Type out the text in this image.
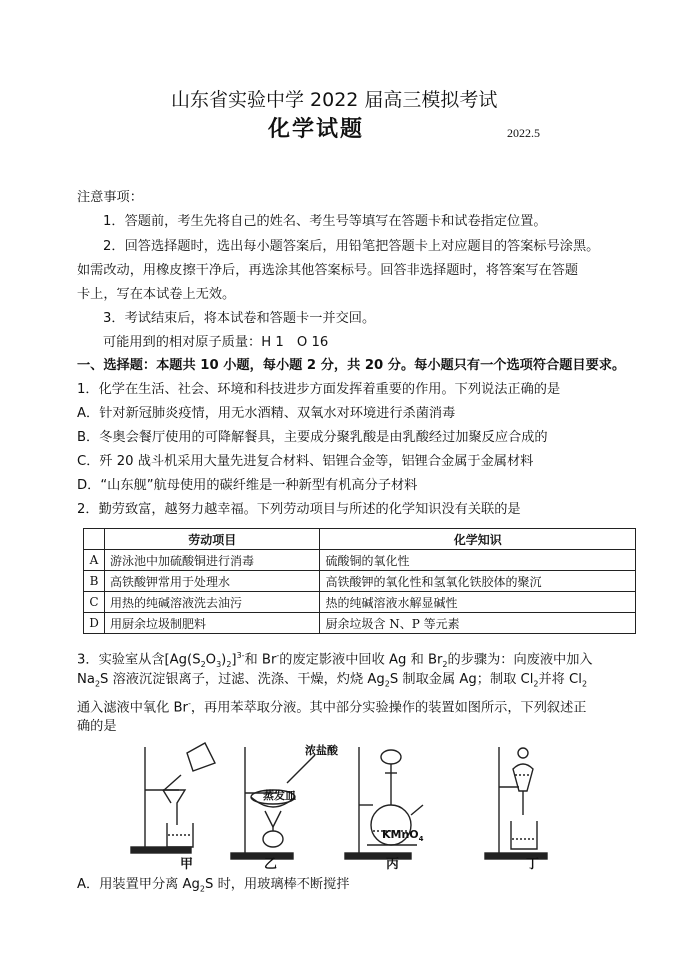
山东省实验中学 2022 届高三模拟考试
化学试题	2022.5
注意事项：
1．答题前，考生先将自己的姓名、考生号等填写在答题卡和试卷指定位置。
2．回答选择题时，选出每小题答案后，用铅笔把答题卡上对应题目的答案标号涂黑。
如需改动，用橡皮擦干净后，再选涂其他答案标号。回答非选择题时，将答案写在答题
卡上，写在本试卷上无效。
3．考试结束后，将本试卷和答题卡一并交回。
可能用到的相对原子质量：H 1　O 16
一、选择题：本题共 10 小题，每小题 2 分，共 20 分。每小题只有一个选项符合题目要求。
1．化学在生活、社会、环境和科技进步方面发挥着重要的作用。下列说法正确的是
A．针对新冠肺炎疫情，用无水酒精、双氧水对环境进行杀菌消毒
B．冬奥会餐厅使用的可降解餐具，主要成分聚乳酸是由乳酸经过加聚反应合成的
C．歼 20 战斗机采用大量先进复合材料、铝锂合金等，铝锂合金属于金属材料
D．“山东舰”航母使用的碳纤维是一种新型有机高分子材料
2．勤劳致富，越努力越幸福。下列劳动项目与所述的化学知识没有关联的是
	劳动项目	化学知识
A	游泳池中加硫酸铜进行消毒	硫酸铜的氧化性
B	高铁酸钾常用于处理水	高铁酸钾的氧化性和氢氧化铁胶体的聚沉
C	用热的纯碱溶液洗去油污	热的纯碱溶液水解显碱性
D	用厨余垃圾制肥料	厨余垃圾含 N、P 等元素
3．实验室从含$[Ag(S_2O_3)_2]^{3-}$和 Br-的废定影液中回收 Ag 和 $Br_2$的步骤为：向废液中加入
$Na_2S$ 溶液沉淀银离子，过滤、洗涤、干燥，灼烧 $Ag_2S$ 制取金属 Ag；制取 $Cl_2$并将 $Cl_2$
通入滤液中氧化 Br-，再用苯萃取分液。其中部分实验操作的装置如图所示，下列叙述正
确的是
浓盐酸
蒸发皿
KMnO$_4$
甲	乙	丙	丁
A．用装置甲分离 $Ag_2S$ 时，用玻璃棒不断搅拌
